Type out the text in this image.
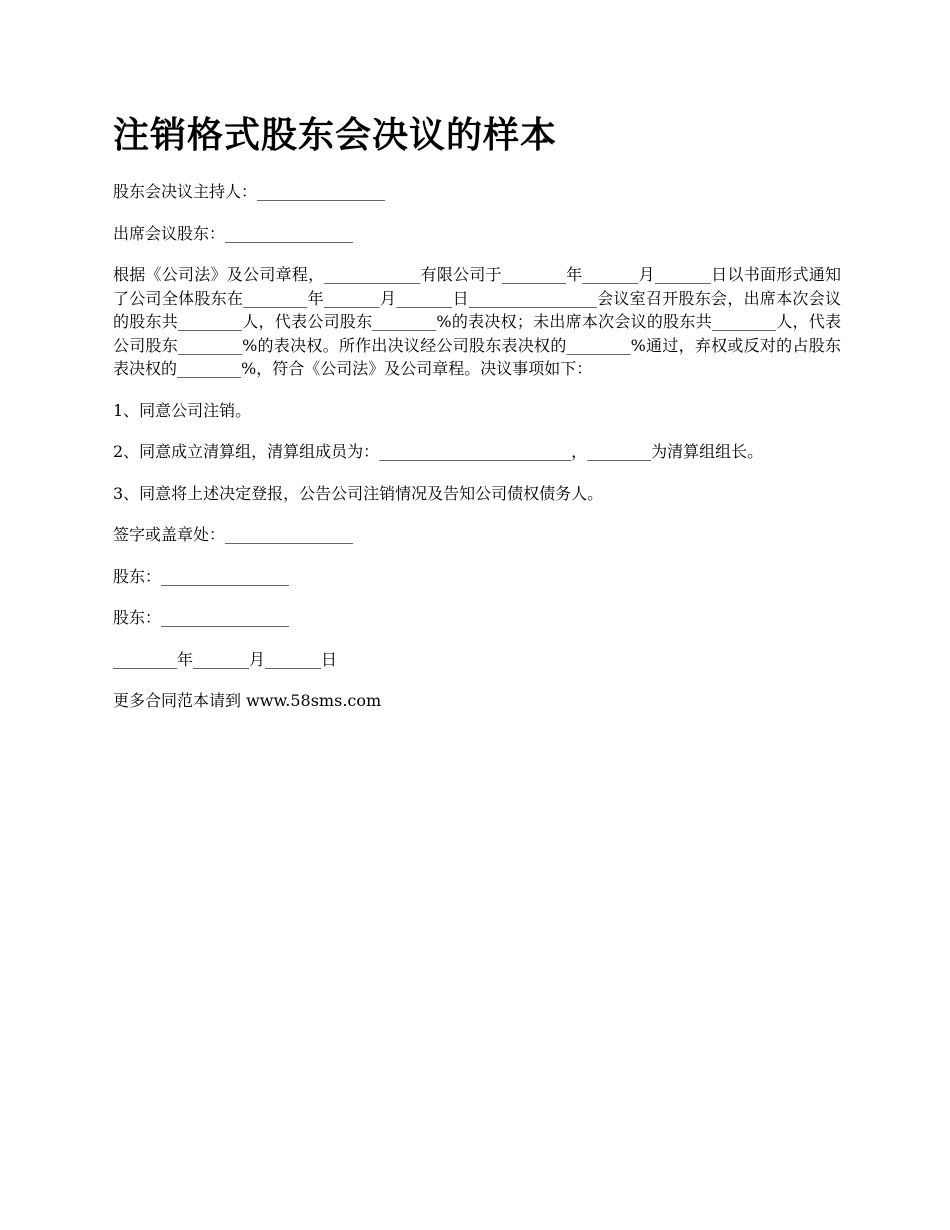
注销格式股东会决议的样本

股东会决议主持人：________________

出席会议股东：________________

根据《公司法》及公司章程，____________有限公司于________年_______月_______日以书面形式通知了公司全体股东在________年_______月_______日________________会议室召开股东会，出席本次会议的股东共________人，代表公司股东________%的表决权；未出席本次会议的股东共________人，代表公司股东________%的表决权。所作出决议经公司股东表决权的________%通过，弃权或反对的占股东表决权的________%，符合《公司法》及公司章程。决议事项如下：

1、同意公司注销。

2、同意成立清算组，清算组成员为：________________________，________为清算组组长。

3、同意将上述决定登报，公告公司注销情况及告知公司债权债务人。

签字或盖章处：________________

股东：________________

股东：________________

________年_______月_______日

更多合同范本请到 www.58sms.com
